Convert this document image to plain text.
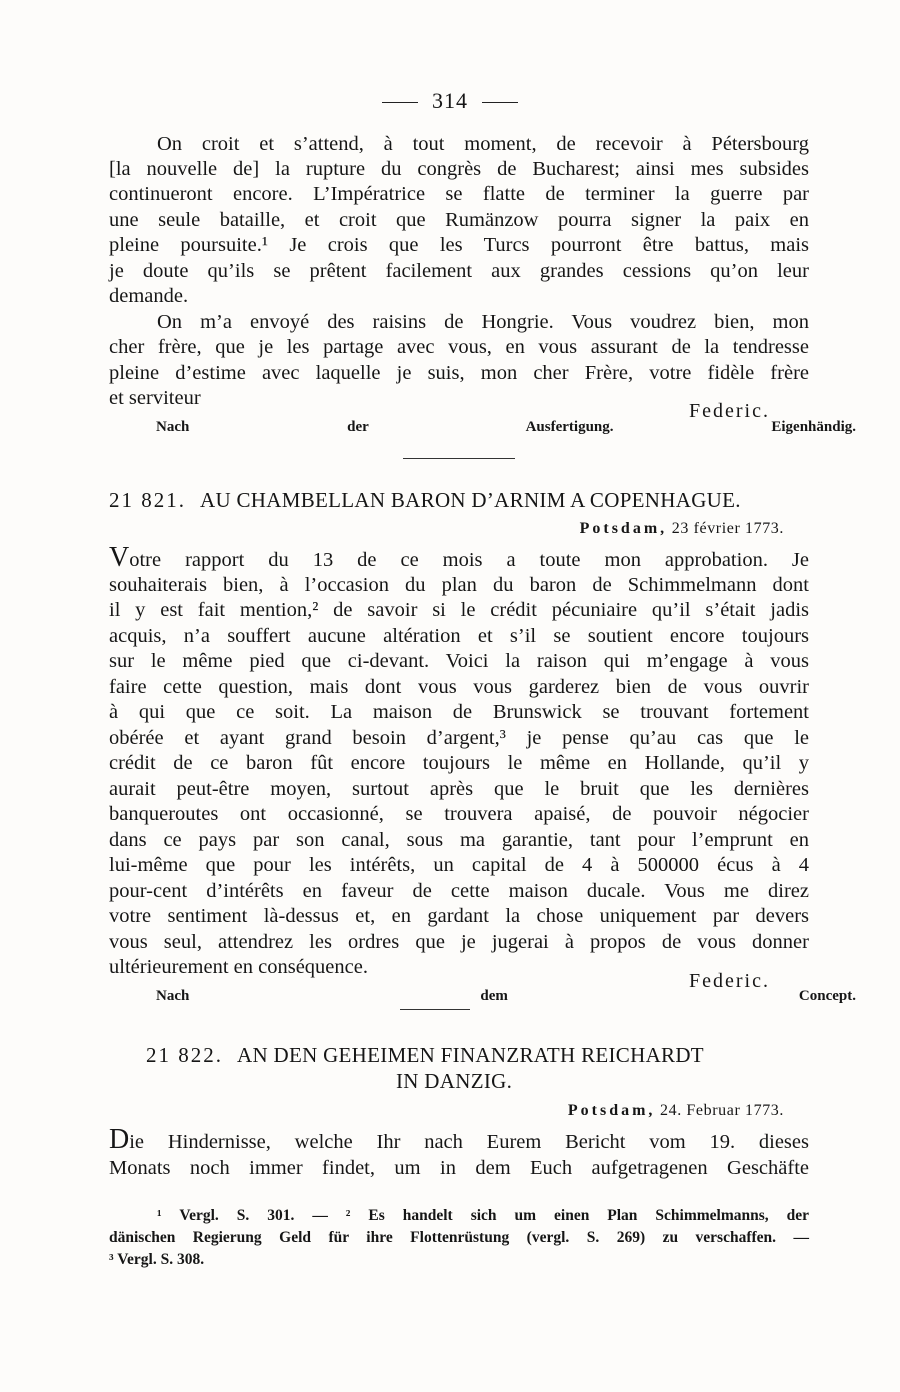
314
On croit et s’attend, à tout moment, de recevoir à Pétersbourg
[la nouvelle de] la rupture du congrès de Bucharest; ainsi mes subsides
continueront encore. L’Impératrice se flatte de terminer la guerre par
une seule bataille, et croit que Rumänzow pourra signer la paix en
pleine poursuite.¹ Je crois que les Turcs pourront être battus, mais
je doute qu’ils se prêtent facilement aux grandes cessions qu’on leur
demande.
On m’a envoyé des raisins de Hongrie. Vous voudrez bien, mon
cher frère, que je les partage avec vous, en vous assurant de la tendresse
pleine d’estime avec laquelle je suis, mon cher Frère, votre fidèle frère
et serviteur
Federic.
Nach der Ausfertigung. Eigenhändig.
21 821. AU CHAMBELLAN BARON D’ARNIM A COPENHAGUE.
Potsdam, 23 février 1773.
Votre rapport du 13 de ce mois a toute mon approbation. Je
souhaiterais bien, à l’occasion du plan du baron de Schimmelmann dont
il y est fait mention,² de savoir si le crédit pécuniaire qu’il s’était jadis
acquis, n’a souffert aucune altération et s’il se soutient encore toujours
sur le même pied que ci-devant. Voici la raison qui m’engage à vous
faire cette question, mais dont vous vous garderez bien de vous ouvrir
à qui que ce soit. La maison de Brunswick se trouvant fortement
obérée et ayant grand besoin d’argent,³ je pense qu’au cas que le
crédit de ce baron fût encore toujours le même en Hollande, qu’il y
aurait peut-être moyen, surtout après que le bruit que les dernières
banqueroutes ont occasionné, se trouvera apaisé, de pouvoir négocier
dans ce pays par son canal, sous ma garantie, tant pour l’emprunt en
lui-même que pour les intérêts, un capital de 4 à 500000 écus à 4
pour-cent d’intérêts en faveur de cette maison ducale. Vous me direz
votre sentiment là-dessus et, en gardant la chose uniquement par devers
vous seul, attendrez les ordres que je jugerai à propos de vous donner
ultérieurement en conséquence.
Federic.
Nach dem Concept.
21 822. AN DEN GEHEIMEN FINANZRATH REICHARDT
IN DANZIG.
Potsdam, 24. Februar 1773.
Die Hindernisse, welche Ihr nach Eurem Bericht vom 19. dieses
Monats noch immer findet, um in dem Euch aufgetragenen Geschäfte
¹ Vergl. S. 301. — ² Es handelt sich um einen Plan Schimmelmanns, der
dänischen Regierung Geld für ihre Flottenrüstung (vergl. S. 269) zu verschaffen. —
³ Vergl. S. 308.
